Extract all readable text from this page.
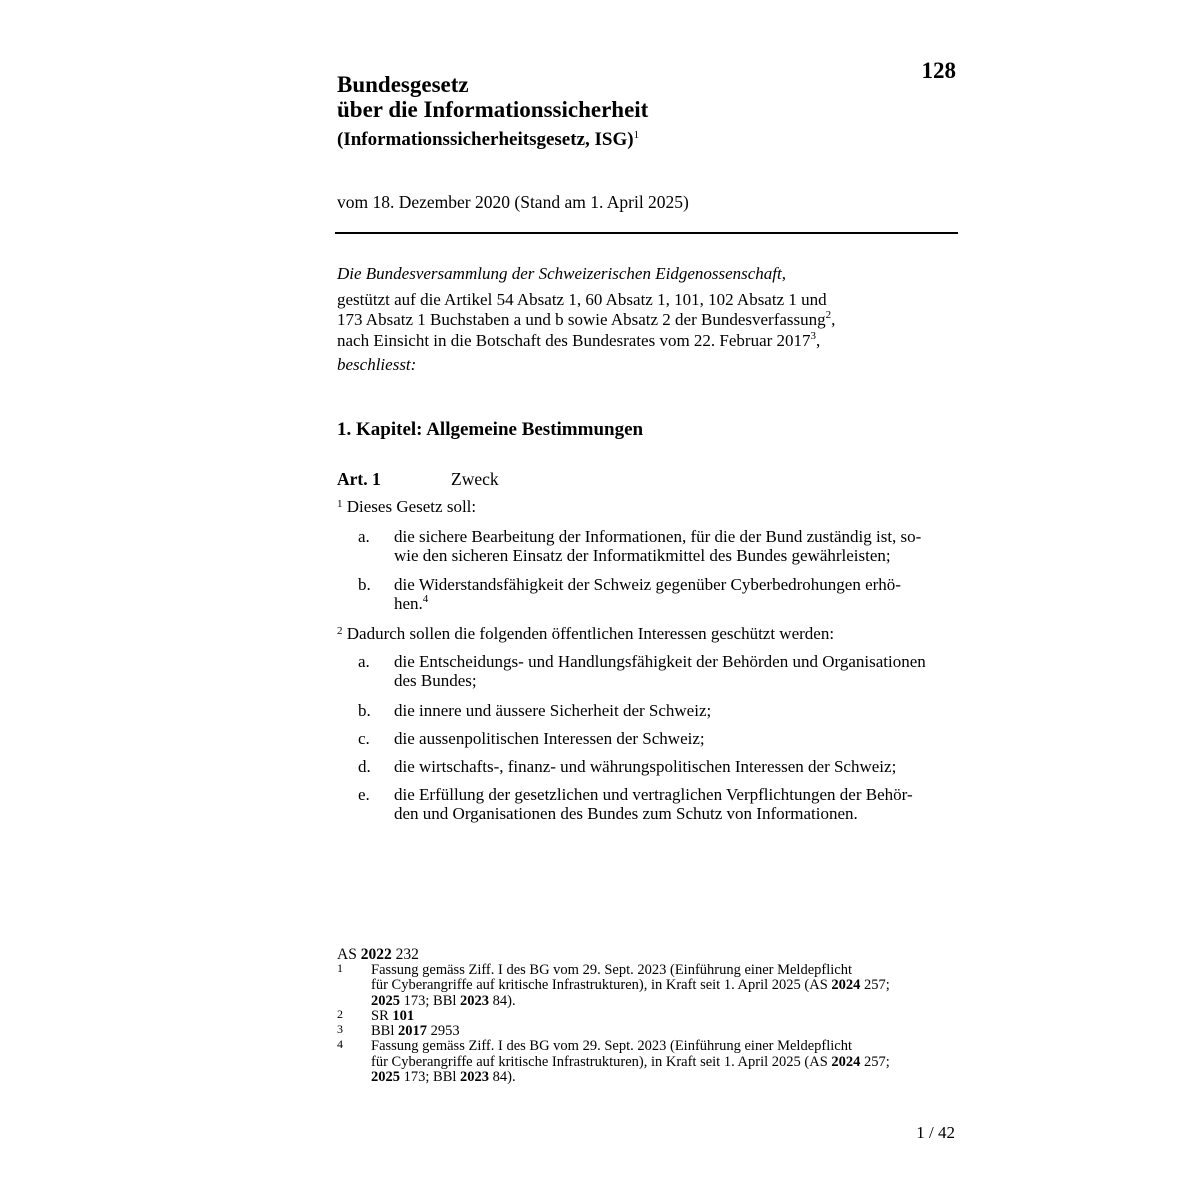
128
Bundesgesetz
über die Informationssicherheit
(Informationssicherheitsgesetz, ISG)$^1$
vom 18. Dezember 2020 (Stand am 1. April 2025)
Die Bundesversammlung der Schweizerischen Eidgenossenschaft,
gestützt auf die Artikel 54 Absatz 1, 60 Absatz 1, 101, 102 Absatz 1 und
173 Absatz 1 Buchstaben a und b sowie Absatz 2 der Bundesverfassung$^2$,
nach Einsicht in die Botschaft des Bundesrates vom 22. Februar 2017$^3$,
beschliesst:
1. Kapitel: Allgemeine Bestimmungen
Art. 1	Zweck
$^1$ Dieses Gesetz soll:
a. die sichere Bearbeitung der Informationen, für die der Bund zuständig ist, so-
wie den sicheren Einsatz der Informatikmittel des Bundes gewährleisten;
b. die Widerstandsfähigkeit der Schweiz gegenüber Cyberbedrohungen erhö-
hen.$^4$
$^2$ Dadurch sollen die folgenden öffentlichen Interessen geschützt werden:
a. die Entscheidungs- und Handlungsfähigkeit der Behörden und Organisationen
des Bundes;
b. die innere und äussere Sicherheit der Schweiz;
c. die aussenpolitischen Interessen der Schweiz;
d. die wirtschafts-, finanz- und währungspolitischen Interessen der Schweiz;
e. die Erfüllung der gesetzlichen und vertraglichen Verpflichtungen der Behör-
den und Organisationen des Bundes zum Schutz von Informationen.
AS 2022 232
1 Fassung gemäss Ziff. I des BG vom 29. Sept. 2023 (Einführung einer Meldepflicht
für Cyberangriffe auf kritische Infrastrukturen), in Kraft seit 1. April 2025 (AS 2024 257;
2025 173; BBl 2023 84).
2 SR 101
3 BBl 2017 2953
4 Fassung gemäss Ziff. I des BG vom 29. Sept. 2023 (Einführung einer Meldepflicht
für Cyberangriffe auf kritische Infrastrukturen), in Kraft seit 1. April 2025 (AS 2024 257;
2025 173; BBl 2023 84).
1 / 42
